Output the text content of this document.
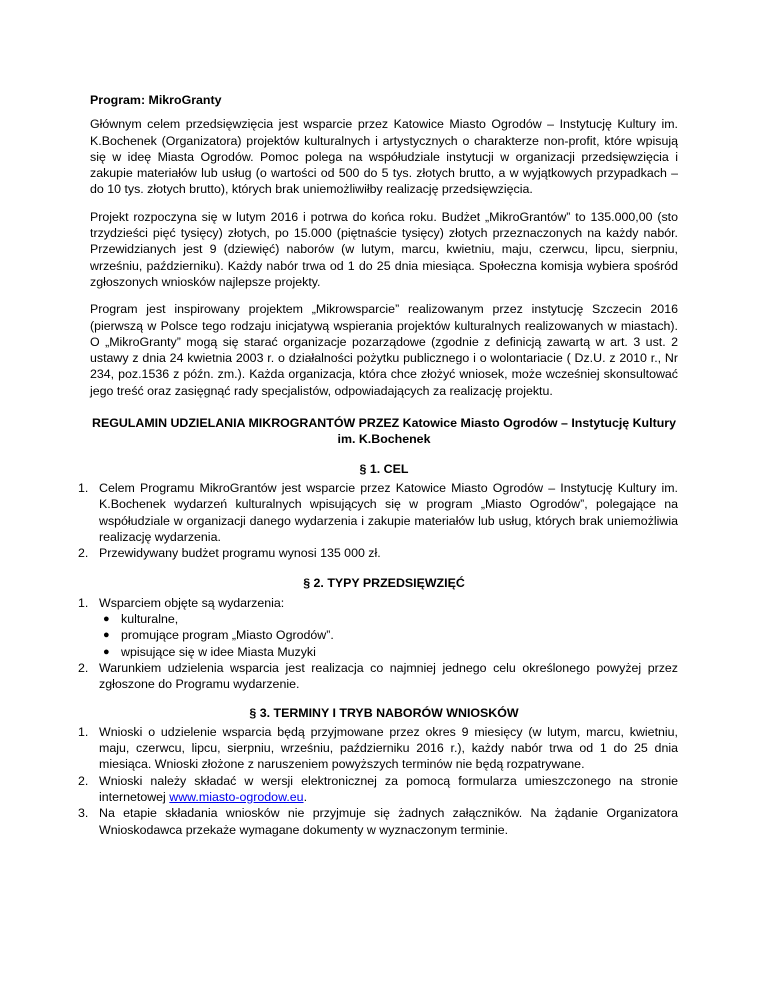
Program: MikroGranty

Głównym celem przedsięwzięcia jest wsparcie przez Katowice Miasto Ogrodów – Instytucję Kultury im. K.Bochenek (Organizatora) projektów kulturalnych i artystycznych o charakterze non-profit, które wpisują się w ideę Miasta Ogrodów. Pomoc polega na współudziale instytucji w organizacji przedsięwzięcia i zakupie materiałów lub usług (o wartości od 500 do 5 tys. złotych brutto, a w wyjątkowych przypadkach – do 10 tys. złotych brutto), których brak uniemożliwiłby realizację przedsięwzięcia.

Projekt rozpoczyna się w lutym 2016 i potrwa do końca roku. Budżet „MikroGrantów” to 135.000,00 (sto trzydzieści pięć tysięcy) złotych, po 15.000 (piętnaście tysięcy) złotych przeznaczonych na każdy nabór. Przewidzianych jest 9 (dziewięć) naborów (w lutym, marcu, kwietniu, maju, czerwcu, lipcu, sierpniu, wrześniu, październiku). Każdy nabór trwa od 1 do 25 dnia miesiąca. Społeczna komisja wybiera spośród zgłoszonych wniosków najlepsze projekty.

Program jest inspirowany projektem „Mikrowsparcie” realizowanym przez instytucję Szczecin 2016 (pierwszą w Polsce tego rodzaju inicjatywą wspierania projektów kulturalnych realizowanych w miastach). O „MikroGranty” mogą się starać organizacje pozarządowe (zgodnie z definicją zawartą w art. 3 ust. 2 ustawy z dnia 24 kwietnia 2003 r. o działalności pożytku publicznego i o wolontariacie ( Dz.U. z 2010 r., Nr 234, poz.1536 z późn. zm.). Każda organizacja, która chce złożyć wniosek, może wcześniej skonsultować jego treść oraz zasięgnąć rady specjalistów, odpowiadających za realizację projektu.

REGULAMIN UDZIELANIA MIKROGRANTÓW PRZEZ Katowice Miasto Ogrodów – Instytucję Kultury im. K.Bochenek
§ 1. CEL
1. Celem Programu MikroGrantów jest wsparcie przez Katowice Miasto Ogrodów – Instytucję Kultury im. K.Bochenek wydarzeń kulturalnych wpisujących się w program „Miasto Ogrodów”, polegające na współudziale w organizacji danego wydarzenia i zakupie materiałów lub usług, których brak uniemożliwia realizację wydarzenia.
2. Przewidywany budżet programu wynosi 135 000 zł.
§ 2. TYPY PRZEDSIĘWZIĘĆ
1. Wsparciem objęte są wydarzenia:
● kulturalne,
● promujące program „Miasto Ogrodów”.
● wpisujące się w idee Miasta Muzyki
2. Warunkiem udzielenia wsparcia jest realizacja co najmniej jednego celu określonego powyżej przez zgłoszone do Programu wydarzenie.
§ 3. TERMINY I TRYB NABORÓW WNIOSKÓW
1. Wnioski o udzielenie wsparcia będą przyjmowane przez okres 9 miesięcy (w lutym, marcu, kwietniu, maju, czerwcu, lipcu, sierpniu, wrześniu, październiku 2016 r.), każdy nabór trwa od 1 do 25 dnia miesiąca. Wnioski złożone z naruszeniem powyższych terminów nie będą rozpatrywane.
2. Wnioski należy składać w wersji elektronicznej za pomocą formularza umieszczonego na stronie internetowej www.miasto-ogrodow.eu.
3. Na etapie składania wniosków nie przyjmuje się żadnych załączników. Na żądanie Organizatora Wnioskodawca przekaże wymagane dokumenty w wyznaczonym terminie.
